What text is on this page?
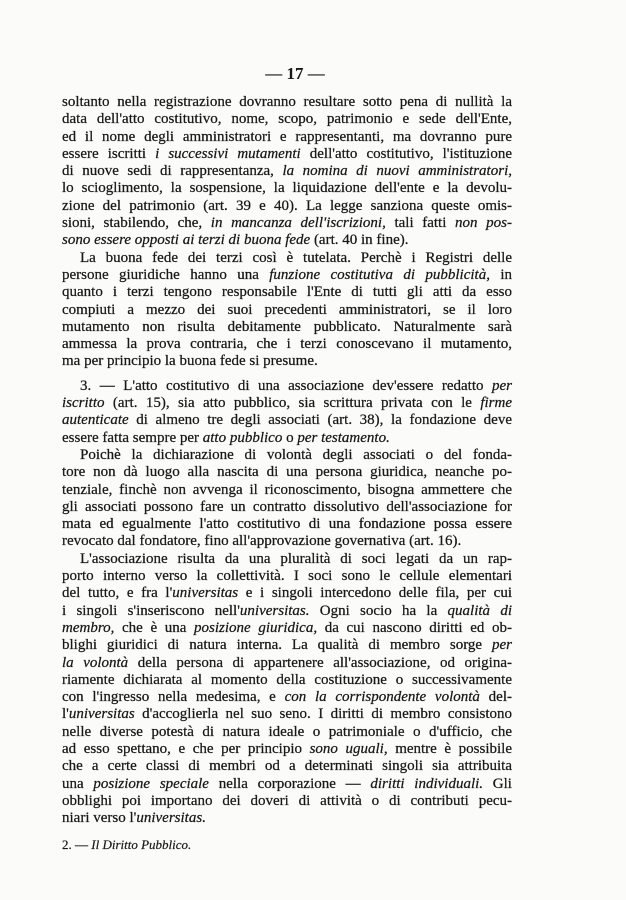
— 17 —
soltanto nella registrazione dovranno resultare sotto pena di nullità la
data dell'atto costitutivo, nome, scopo, patrimonio e sede dell'Ente,
ed il nome degli amministratori e rappresentanti, ma dovranno pure
essere iscritti i successivi mutamenti dell'atto costitutivo, l'istituzione
di nuove sedi di rappresentanza, la nomina di nuovi amministratori,
lo scioglimento, la sospensione, la liquidazione dell'ente e la devolu-
zione del patrimonio (art. 39 e 40). La legge sanziona queste omis-
sioni, stabilendo, che, in mancanza dell'iscrizioni, tali fatti non pos-
sono essere opposti ai terzi di buona fede (art. 40 in fine).
La buona fede dei terzi così è tutelata. Perchè i Registri delle
persone giuridiche hanno una funzione costitutiva di pubblicità, in
quanto i terzi tengono responsabile l'Ente di tutti gli atti da esso
compiuti a mezzo dei suoi precedenti amministratori, se il loro
mutamento non risulta debitamente pubblicato. Naturalmente sarà
ammessa la prova contraria, che i terzi conoscevano il mutamento,
ma per principio la buona fede si presume.
3. — L'atto costitutivo di una associazione dev'essere redatto per
iscritto (art. 15), sia atto pubblico, sia scrittura privata con le firme
autenticate di almeno tre degli associati (art. 38), la fondazione deve
essere fatta sempre per atto pubblico o per testamento.
Poichè la dichiarazione di volontà degli associati o del fonda-
tore non dà luogo alla nascita di una persona giuridica, neanche po-
tenziale, finchè non avvenga il riconoscimento, bisogna ammettere che
gli associati possono fare un contratto dissolutivo dell'associazione for
mata ed egualmente l'atto costitutivo di una fondazione possa essere
revocato dal fondatore, fino all'approvazione governativa (art. 16).
L'associazione risulta da una pluralità di soci legati da un rap-
porto interno verso la collettività. I soci sono le cellule elementari
del tutto, e fra l'universitas e i singoli intercedono delle fila, per cui
i singoli s'inseriscono nell'universitas. Ogni socio ha la qualità di
membro, che è una posizione giuridica, da cui nascono diritti ed ob-
blighi giuridici di natura interna. La qualità di membro sorge per
la volontà della persona di appartenere all'associazione, od origina-
riamente dichiarata al momento della costituzione o successivamente
con l'ingresso nella medesima, e con la corrispondente volontà del-
l'universitas d'accoglierla nel suo seno. I diritti di membro consistono
nelle diverse potestà di natura ideale o patrimoniale o d'ufficio, che
ad esso spettano, e che per principio sono uguali, mentre è possibile
che a certe classi di membri od a determinati singoli sia attribuita
una posizione speciale nella corporazione — diritti individuali. Gli
obblighi poi importano dei doveri di attività o di contributi pecu-
niari verso l'universitas.
2. — Il Diritto Pubblico.
